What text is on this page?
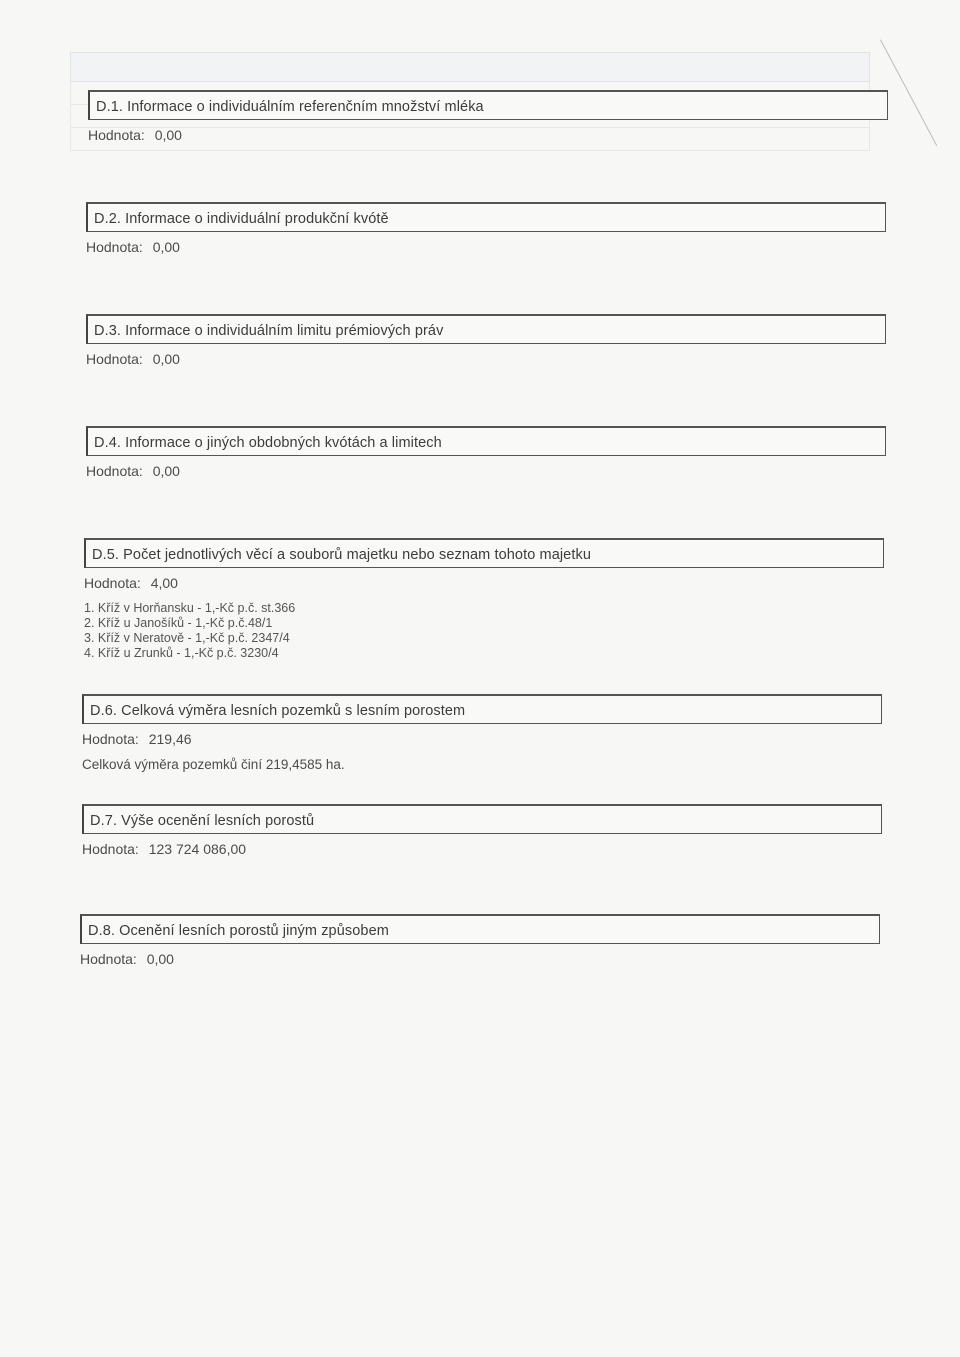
D.1. Informace o individuálním referenčním množství mléka
Hodnota: 0,00
D.2. Informace o individuální produkční kvótě
Hodnota: 0,00
D.3. Informace o individuálním limitu prémiových práv
Hodnota: 0,00
D.4. Informace o jiných obdobných kvótách a limitech
Hodnota: 0,00
D.5. Počet jednotlivých věcí a souborů majetku nebo seznam tohoto majetku
Hodnota: 4,00
1. Kříž v Horňansku - 1,-Kč p.č. st.366
2. Kříž u Janošíků - 1,-Kč p.č.48/1
3. Kříž v Neratově - 1,-Kč p.č. 2347/4
4. Kříž u Zrunků - 1,-Kč p.č. 3230/4
D.6. Celková výměra lesních pozemků s lesním porostem
Hodnota: 219,46
Celková výměra pozemků činí 219,4585 ha.
D.7. Výše ocenění lesních porostů
Hodnota: 123 724 086,00
D.8. Ocenění lesních porostů jiným způsobem
Hodnota: 0,00
